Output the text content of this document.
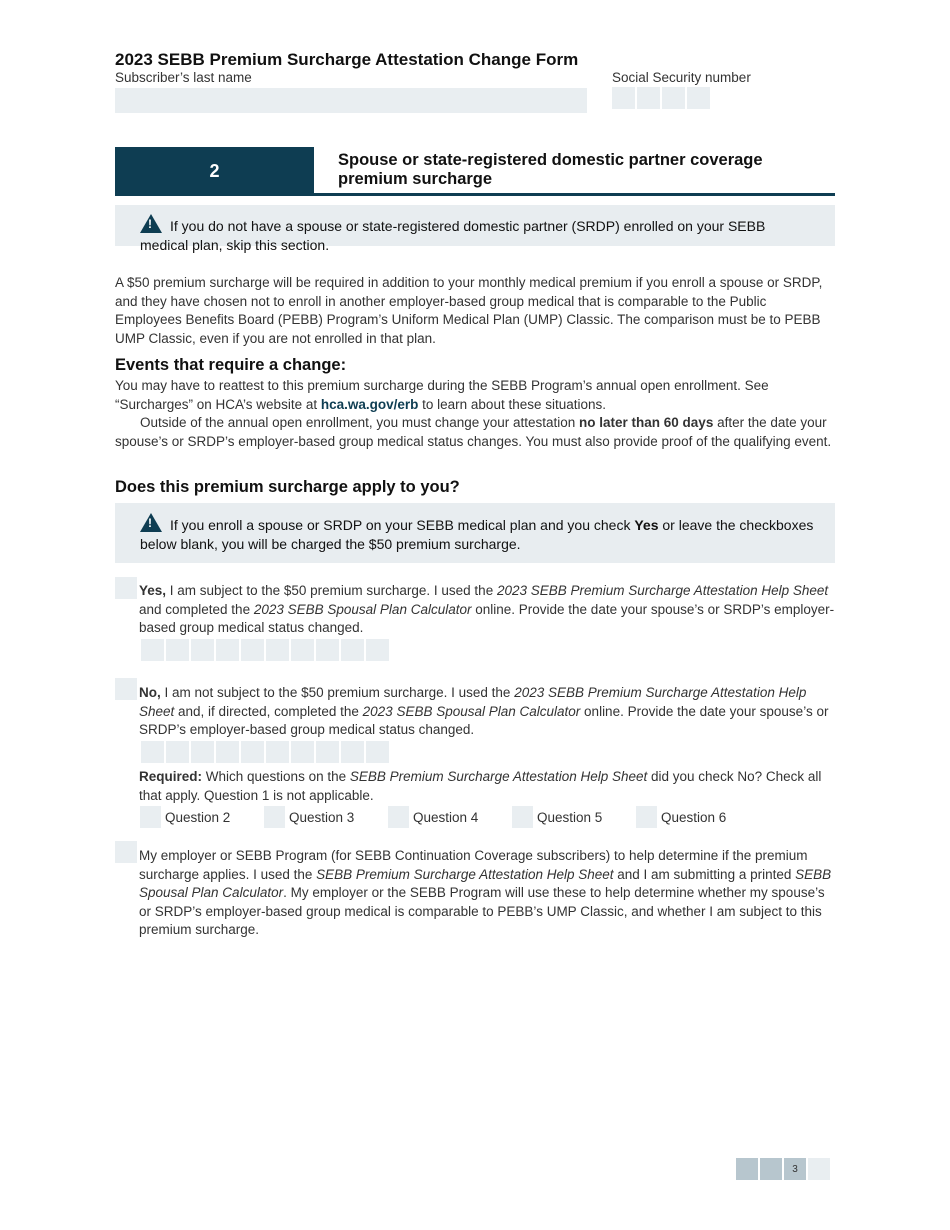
2023 SEBB Premium Surcharge Attestation Change Form
Subscriber’s last name	Social Security number
2
Spouse or state-registered domestic partner coverage premium surcharge
!If you do not have a spouse or state-registered domestic partner (SRDP) enrolled on your SEBB medical plan, skip this section.
A $50 premium surcharge will be required in addition to your monthly medical premium if you enroll a spouse or SRDP, and they have chosen not to enroll in another employer-based group medical that is comparable to the Public Employees Benefits Board (PEBB) Program’s Uniform Medical Plan (UMP) Classic. The comparison must be to PEBB UMP Classic, even if you are not enrolled in that plan.
Events that require a change:
You may have to reattest to this premium surcharge during the SEBB Program’s annual open enrollment. See “Surcharges” on HCA’s website at hca.wa.gov/erb to learn about these situations.
Outside of the annual open enrollment, you must change your attestation no later than 60 days after the date your spouse’s or SRDP’s employer-based group medical status changes. You must also provide proof of the qualifying event.
Does this premium surcharge apply to you?
!If you enroll a spouse or SRDP on your SEBB medical plan and you check Yes or leave the checkboxes below blank, you will be charged the $50 premium surcharge.
Yes, I am subject to the $50 premium surcharge. I used the 2023 SEBB Premium Surcharge Attestation Help Sheet and completed the 2023 SEBB Spousal Plan Calculator online. Provide the date your spouse’s or SRDP’s employer-based group medical status changed.
No, I am not subject to the $50 premium surcharge. I used the 2023 SEBB Premium Surcharge Attestation Help Sheet and, if directed, completed the 2023 SEBB Spousal Plan Calculator online. Provide the date your spouse’s or SRDP’s employer-based group medical status changed.
Required: Which questions on the SEBB Premium Surcharge Attestation Help Sheet did you check No? Check all that apply. Question 1 is not applicable.
Question 2	Question 3	Question 4	Question 5	Question 6
My employer or SEBB Program (for SEBB Continuation Coverage subscribers) to help determine if the premium surcharge applies. I used the SEBB Premium Surcharge Attestation Help Sheet and I am submitting a printed SEBB Spousal Plan Calculator. My employer or the SEBB Program will use these to help determine whether my spouse’s or SRDP’s employer-based group medical is comparable to PEBB’s UMP Classic, and whether I am subject to this premium surcharge.
3
